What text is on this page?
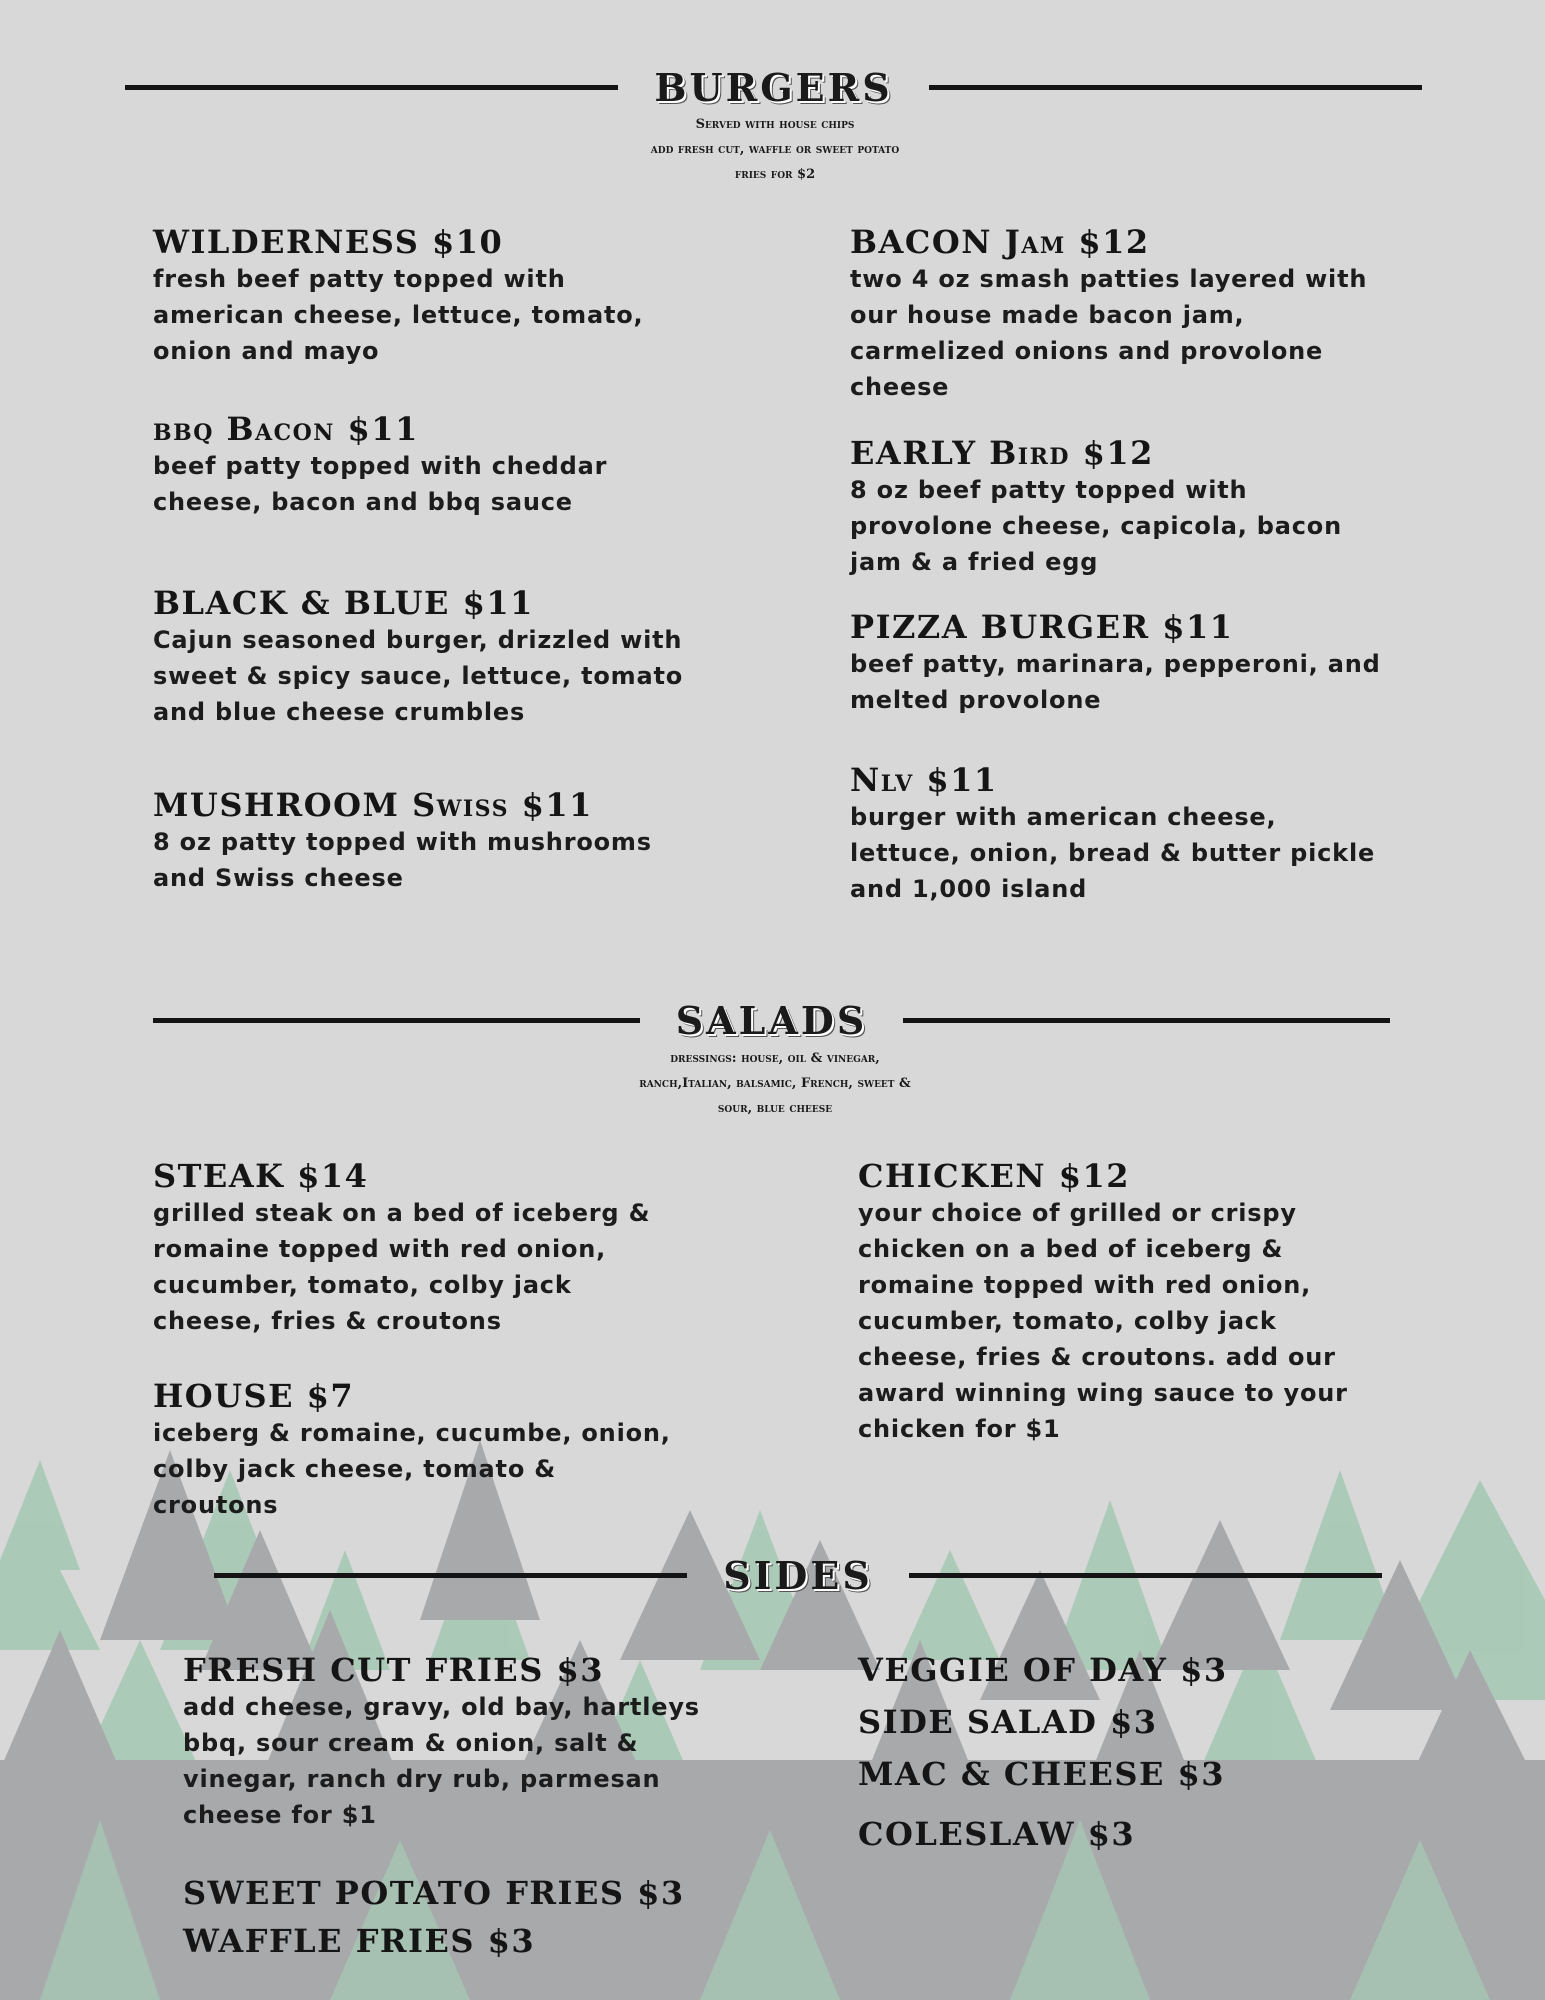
BURGERS
Served with house chips
add fresh cut, waffle or sweet potato
fries for $2

WILDERNESS $10

fresh beef patty topped with

american cheese, lettuce, tomato,

onion and mayo

bbq Bacon $11

beef patty topped with cheddar

cheese, bacon and bbq sauce

BLACK & BLUE $11

Cajun seasoned burger, drizzled with

sweet & spicy sauce, lettuce, tomato

and blue cheese crumbles

MUSHROOM Swiss $11

8 oz patty topped with mushrooms

and Swiss cheese

BACON Jam $12

two 4 oz smash patties layered with

our house made bacon jam,

carmelized onions and provolone

cheese

EARLY Bird $12

8 oz beef patty topped with

provolone cheese, capicola, bacon

jam & a fried egg

PIZZA BURGER $11

beef patty, marinara, pepperoni, and

melted provolone

Nlv $11

burger with american cheese,

lettuce, onion, bread & butter pickle

and 1,000 island

SALADS
dressings: house, oil & vinegar,
ranch,Italian, balsamic, French, sweet &
sour, blue cheese

STEAK $14

grilled steak on a bed of iceberg &

romaine topped with red onion,

cucumber, tomato, colby jack

cheese, fries & croutons

HOUSE $7

iceberg & romaine, cucumbe, onion,

colby jack cheese, tomato &

croutons

CHICKEN $12

your choice of grilled or crispy

chicken on a bed of iceberg &

romaine topped with red onion,

cucumber, tomato, colby jack

cheese, fries & croutons. add our

award winning wing sauce to your

chicken for $1

SIDES

FRESH CUT FRIES $3

add cheese, gravy, old bay, hartleys

bbq, sour cream & onion, salt &

vinegar, ranch dry rub, parmesan

cheese for $1

SWEET POTATO FRIES $3

WAFFLE FRIES $3

VEGGIE OF DAY $3

SIDE SALAD $3

MAC & CHEESE $3

COLESLAW $3
